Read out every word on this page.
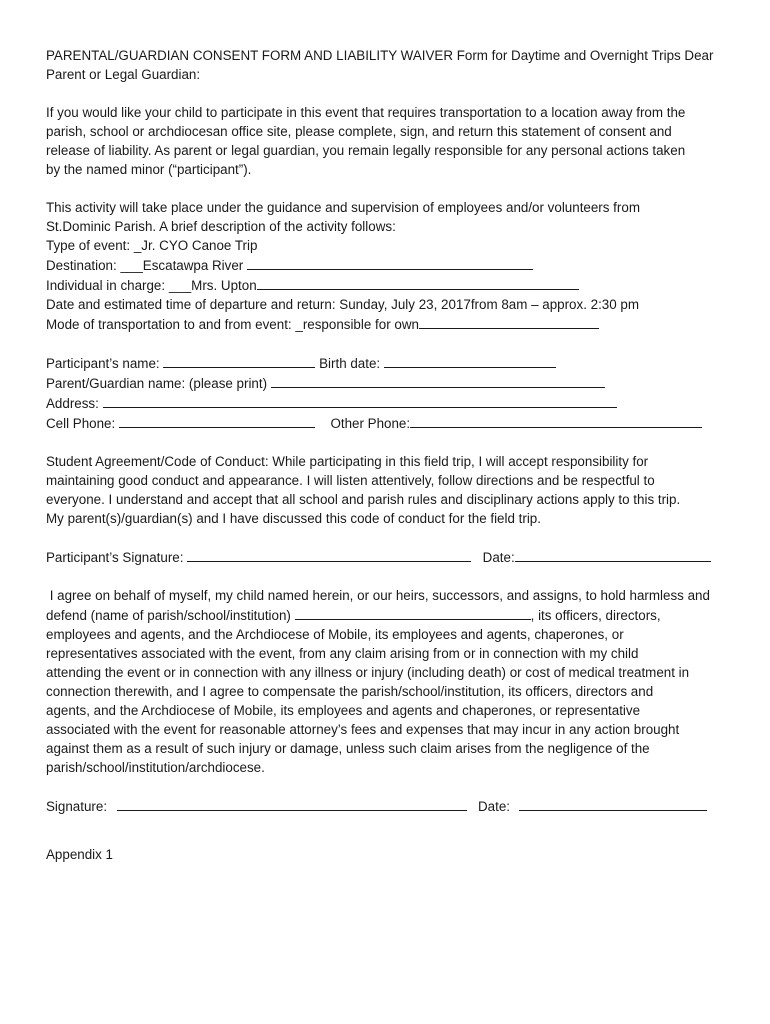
PARENTAL/GUARDIAN CONSENT FORM AND LIABILITY WAIVER Form for Daytime and Overnight Trips Dear
Parent or Legal Guardian:
If you would like your child to participate in this event that requires transportation to a location away from the
parish, school or archdiocesan office site, please complete, sign, and return this statement of consent and
release of liability. As parent or legal guardian, you remain legally responsible for any personal actions taken
by the named minor (“participant”).
This activity will take place under the guidance and supervision of employees and/or volunteers from
St.Dominic Parish. A brief description of the activity follows:
Type of event: _Jr. CYO Canoe Trip
Destination: ___Escatawpa River
Individual in charge: ___Mrs. Upton
Date and estimated time of departure and return: Sunday, July 23, 2017from 8am – approx. 2:30 pm
Mode of transportation to and from event: _responsible for own
Participant’s name:	Birth date:
Parent/Guardian name: (please print)
Address:
Cell Phone:	Other Phone:
Student Agreement/Code of Conduct: While participating in this field trip, I will accept responsibility for
maintaining good conduct and appearance. I will listen attentively, follow directions and be respectful to
everyone. I understand and accept that all school and parish rules and disciplinary actions apply to this trip.
My parent(s)/guardian(s) and I have discussed this code of conduct for the field trip.
Participant’s Signature:	Date:
I agree on behalf of myself, my child named herein, or our heirs, successors, and assigns, to hold harmless and
defend (name of parish/school/institution)	, its officers, directors,
employees and agents, and the Archdiocese of Mobile, its employees and agents, chaperones, or
representatives associated with the event, from any claim arising from or in connection with my child
attending the event or in connection with any illness or injury (including death) or cost of medical treatment in
connection therewith, and I agree to compensate the parish/school/institution, its officers, directors and
agents, and the Archdiocese of Mobile, its employees and agents and chaperones, or representative
associated with the event for reasonable attorney’s fees and expenses that may incur in any action brought
against them as a result of such injury or damage, unless such claim arises from the negligence of the
parish/school/institution/archdiocese.
Signature:	Date:
Appendix 1
